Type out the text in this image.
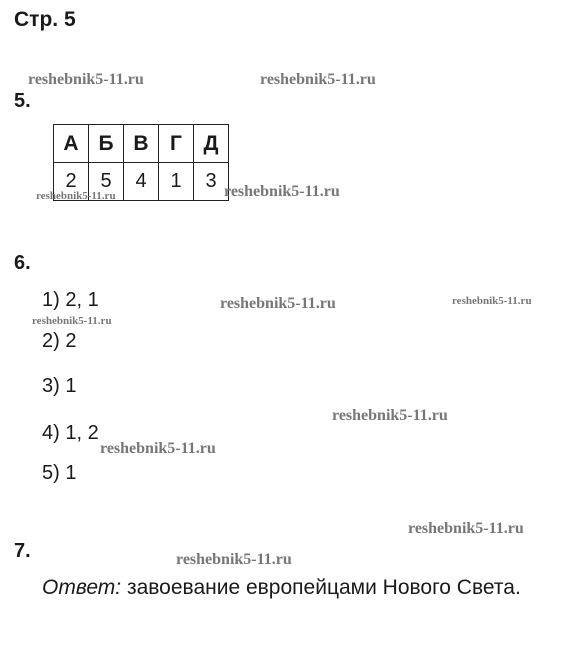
Стр. 5
5.
А	Б	В	Г	Д
2	5	4	1	3
6.
1) 2, 1
2) 2
3) 1
4) 1, 2
5) 1
7.
Ответ: завоевание европейцами Нового Света.
reshebnik5-11.ru	reshebnik5-11.ru
reshebnik5-11.ru	reshebnik5-11.ru
reshebnik5-11.ru	reshebnik5-11.ru
reshebnik5-11.ru
reshebnik5-11.ru
reshebnik5-11.ru
reshebnik5-11.ru
reshebnik5-11.ru
